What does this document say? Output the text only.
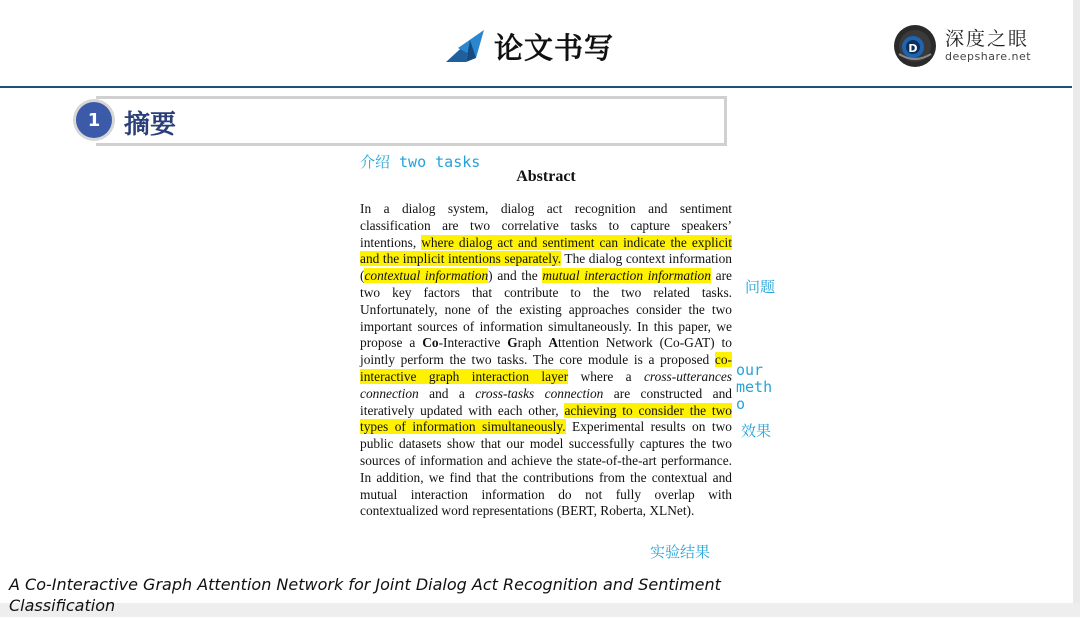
论文书写	D 深度之眼
deepshare.net
1 摘要
介绍 two tasks
问题
our metho
效果
实验结果
Abstract
In a dialog system, dialog act recognition and sentiment classification are two correlative tasks to capture speakers’ intentions, where dialog act and sentiment can indicate the explicit and the implicit intentions separately. The dialog context information (contextual information) and the mutual interaction information are two key factors that contribute to the two related tasks. Unfortunately, none of the existing approaches consider the two important sources of information simultaneously. In this paper, we propose a Co-Interactive Graph Attention Network (Co-GAT) to jointly perform the two tasks. The core module is a proposed co-interactive graph interaction layer where a cross-utterances connection and a cross-tasks connection are constructed and iteratively updated with each other, achieving to consider the two types of information simultaneously. Experimental results on two public datasets show that our model successfully captures the two sources of information and achieve the state-of-the-art performance. In addition, we find that the contributions from the contextual and mutual interaction information do not fully overlap with contextualized word representations (BERT, Roberta, XLNet).
A Co-Interactive Graph Attention Network for Joint Dialog Act Recognition and Sentiment Classification
